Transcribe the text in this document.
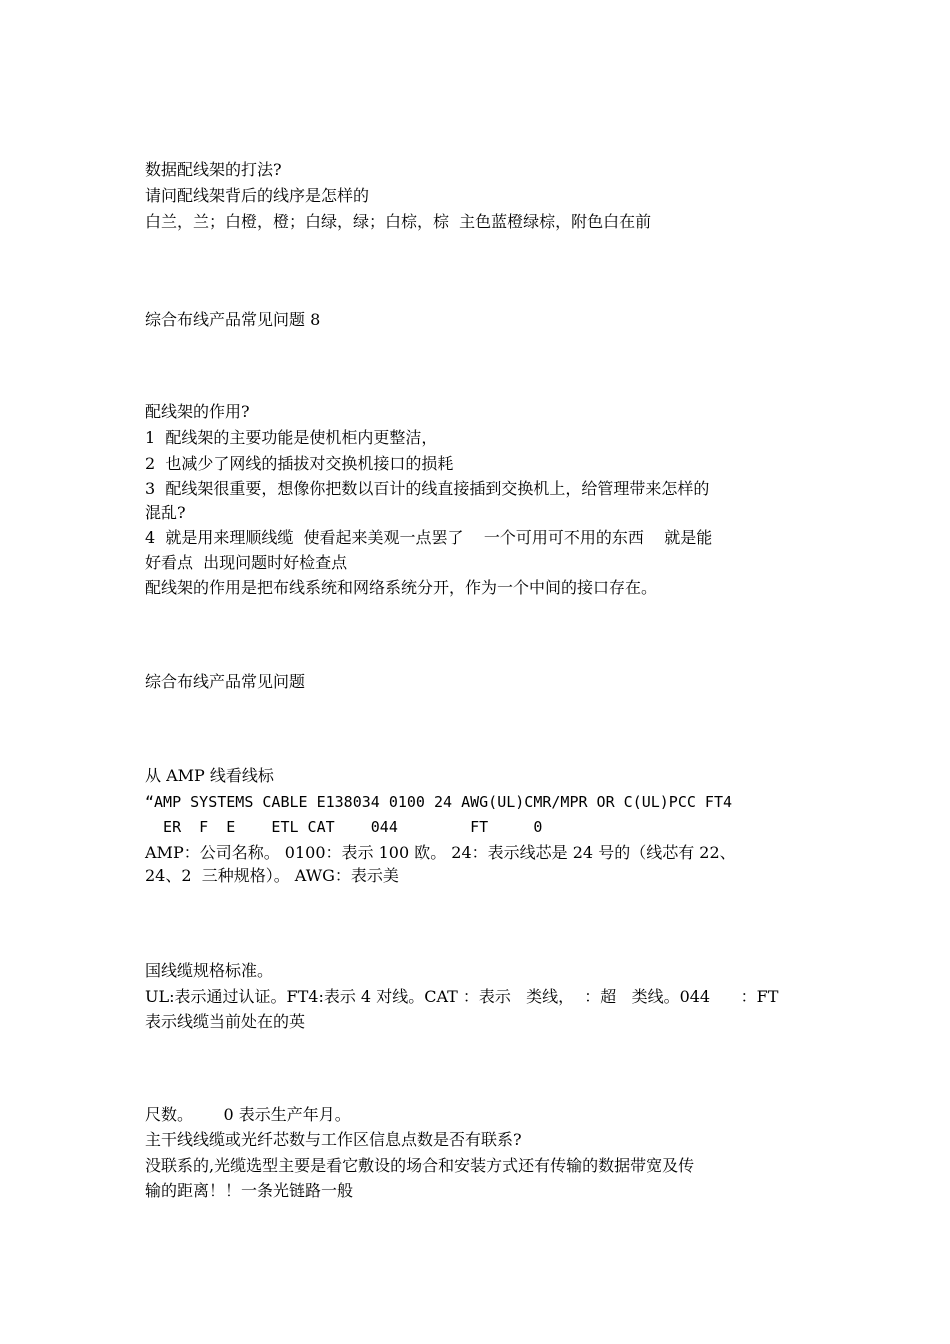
数据配线架的打法?

请问配线架背后的线序是怎样的

白兰，兰；白橙，橙；白绿，绿；白棕，棕  主色蓝橙绿棕，附色白在前

综合布线产品常见问题 8

配线架的作用?

1  配线架的主要功能是使机柜内更整洁，

2  也减少了网线的插拔对交换机接口的损耗

3  配线架很重要，想像你把数以百计的线直接插到交换机上，给管理带来怎样的

混乱?

4  就是用来理顺线缆  使看起来美观一点罢了    一个可用可不用的东西    就是能

好看点  出现问题时好检查点

配线架的作用是把布线系统和网络系统分开，作为一个中间的接口存在。

综合布线产品常见问题

从 AMP 线看线标

“AMP SYSTEMS CABLE E138034 0100 24 AWG(UL)CMR/MPR OR C(UL)PCC FT4

ER  F  E    ETL CAT    044        FT     0

AMP：公司名称。 0100：表示 100 欧。 24：表示线芯是 24 号的（线芯有 22、

24、2  三种规格）。 AWG：表示美

国线缆规格标准。

UL:表示通过认证。FT4:表示 4 对线。CAT ：表示   类线，  ：超   类线。044      ：FT

表示线缆当前处在的英

尺数。      0 表示生产年月。

主干线线缆或光纤芯数与工作区信息点数是否有联系?

没联系的,光缆选型主要是看它敷设的场合和安装方式还有传输的数据带宽及传

输的距离！！一条光链路一般
